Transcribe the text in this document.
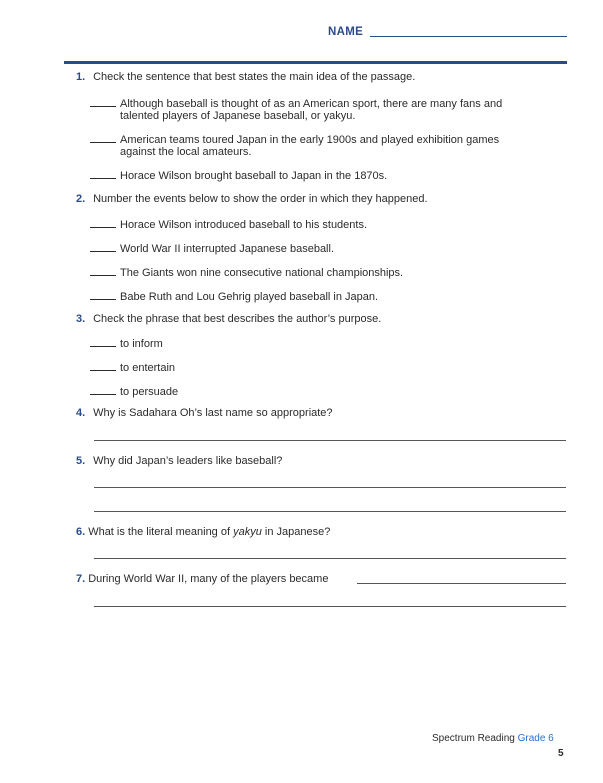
NAME
1. Check the sentence that best states the main idea of the passage.
Although baseball is thought of as an American sport, there are many fans and
talented players of Japanese baseball, or yakyu.
American teams toured Japan in the early 1900s and played exhibition games
against the local amateurs.
Horace Wilson brought baseball to Japan in the 1870s.
2. Number the events below to show the order in which they happened.
Horace Wilson introduced baseball to his students.
World War II interrupted Japanese baseball.
The Giants won nine consecutive national championships.
Babe Ruth and Lou Gehrig played baseball in Japan.
3. Check the phrase that best describes the author’s purpose.
to inform
to entertain
to persuade
4. Why is Sadahara Oh’s last name so appropriate?
5. Why did Japan’s leaders like baseball?
6. What is the literal meaning of yakyu in Japanese?
7. During World War II, many of the players became
Spectrum Reading Grade 6
5
